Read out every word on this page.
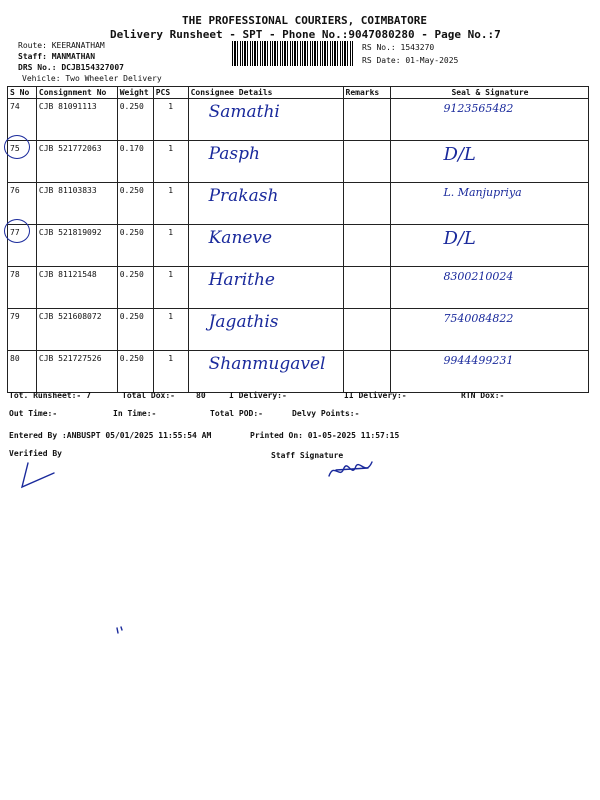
THE PROFESSIONAL COURIERS, COIMBATORE
Delivery Runsheet - SPT - Phone No.:9047080280 - Page No.:7
Route: KEERANATHAM
Staff: MANMATHAN
DRS No.: DCJB154327007
Vehicle: Two Wheeler Delivery
RS No.: 1543270
RS Date: 01-May-2025
S No	Consignment No	Weight	PCS	Consignee Details	Remarks	Seal & Signature
74	CJB 81091113	0.250	1	Samathi		9123565482
75	CJB 521772063	0.170	1	Pasph		D/L
76	CJB 81103833	0.250	1	Prakash		L. Manjupriya
77	CJB 521819092	0.250	1	Kaneve		D/L
78	CJB 81121548	0.250	1	Harithe		8300210024
79	CJB 521608072	0.250	1	Jagathis		7540084822
80	CJB 521727526	0.250	1	Shanmugavel		9944499231
Tot. Runsheet:- 7	Total Dox:-	80	I Delivery:-	II Delivery:-	RTN Dox:-
Out Time:-	In Time:-	Total POD:-	Delvy Points:-
Entered By :ANBUSPT 05/01/2025 11:55:54 AM	Printed On: 01-05-2025 11:57:15
Verified By	Staff Signature
